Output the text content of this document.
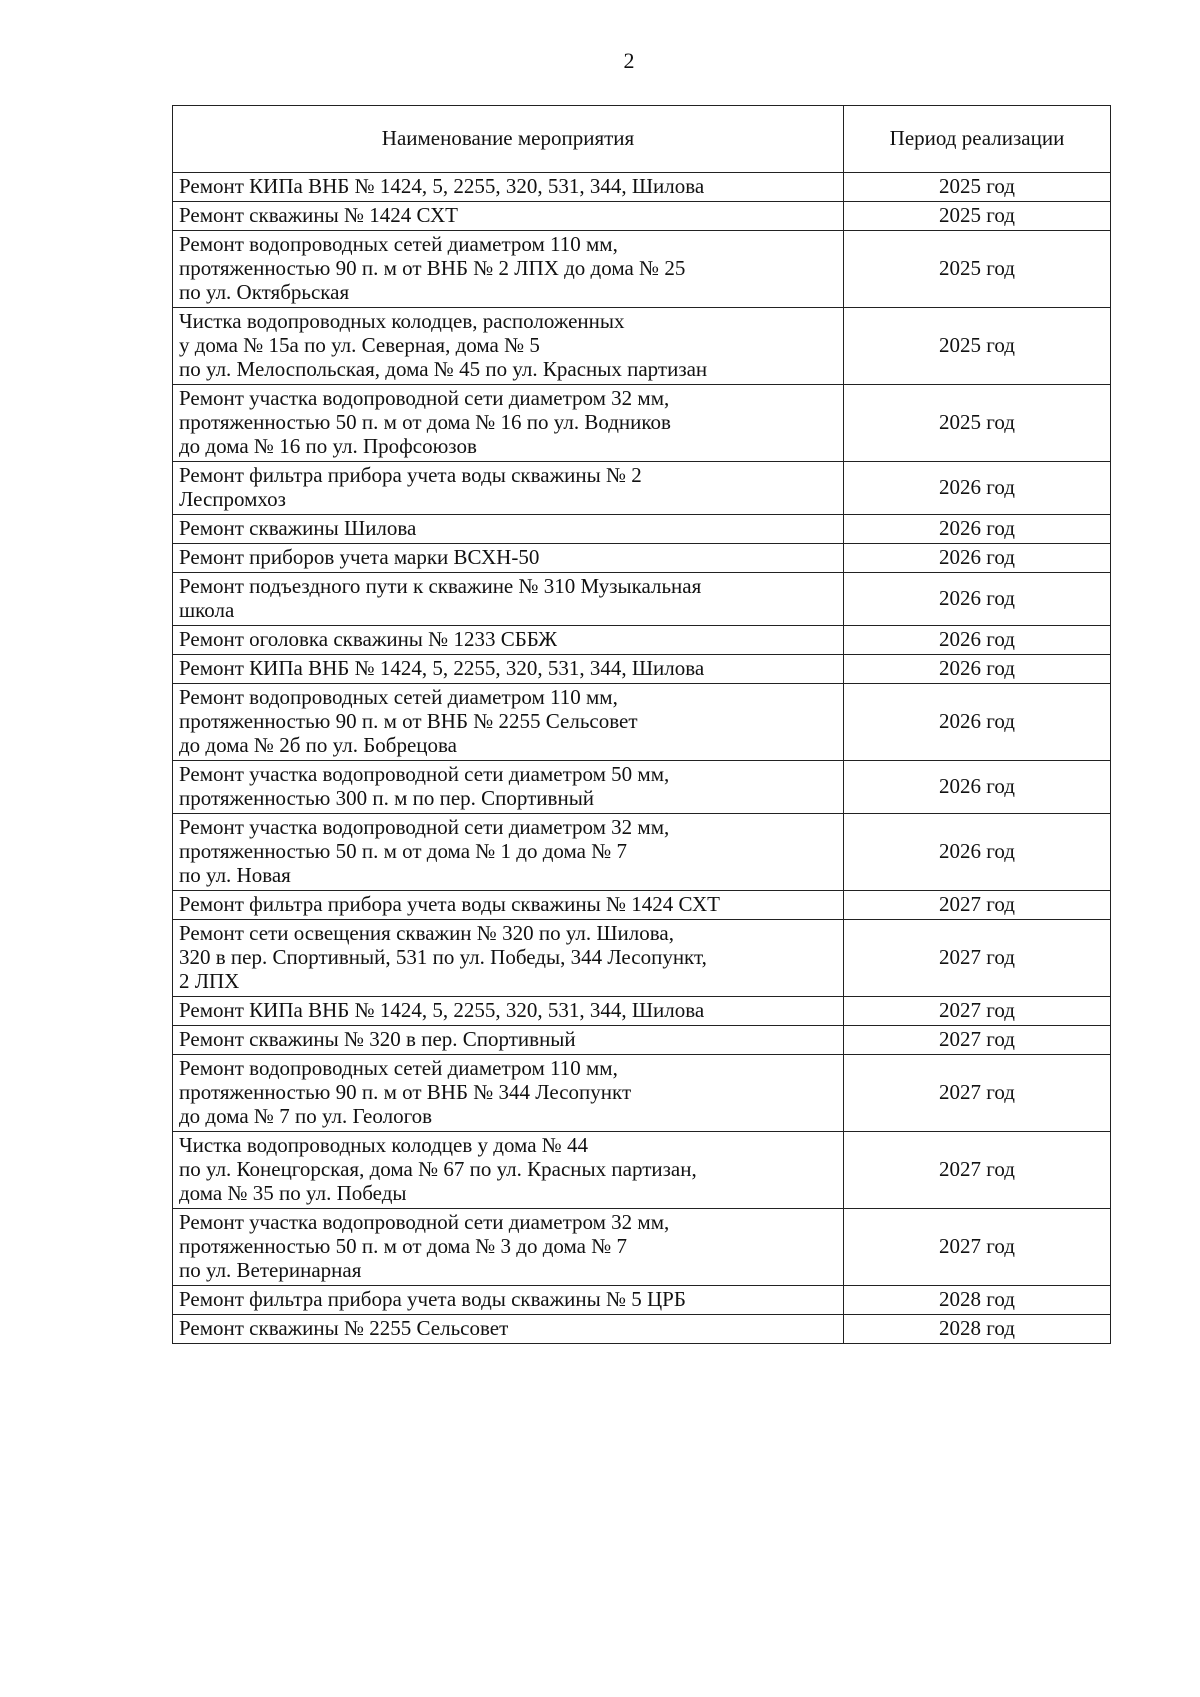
2
Наименование мероприятия	Период реализации
Ремонт КИПа ВНБ № 1424, 5, 2255, 320, 531, 344, Шилова	2025 год
Ремонт скважины № 1424 СХТ	2025 год
Ремонт водопроводных сетей диаметром 110 мм,
протяженностью 90 п. м от ВНБ № 2 ЛПХ до дома № 25
по ул. Октябрьская	2025 год
Чистка водопроводных колодцев, расположенных
у дома № 15а по ул. Северная, дома № 5
по ул. Мелоспольская, дома № 45 по ул. Красных партизан	2025 год
Ремонт участка водопроводной сети диаметром 32 мм,
протяженностью 50 п. м от дома № 16 по ул. Водников
до дома № 16 по ул. Профсоюзов	2025 год
Ремонт фильтра прибора учета воды скважины № 2
Леспромхоз	2026 год
Ремонт скважины Шилова	2026 год
Ремонт приборов учета марки ВСХН-50	2026 год
Ремонт подъездного пути к скважине № 310 Музыкальная
школа	2026 год
Ремонт оголовка скважины № 1233 СББЖ	2026 год
Ремонт КИПа ВНБ № 1424, 5, 2255, 320, 531, 344, Шилова	2026 год
Ремонт водопроводных сетей диаметром 110 мм,
протяженностью 90 п. м от ВНБ № 2255 Сельсовет
до дома № 2б по ул. Бобрецова	2026 год
Ремонт участка водопроводной сети диаметром 50 мм,
протяженностью 300 п. м по пер. Спортивный	2026 год
Ремонт участка водопроводной сети диаметром 32 мм,
протяженностью 50 п. м от дома № 1 до дома № 7
по ул. Новая	2026 год
Ремонт фильтра прибора учета воды скважины № 1424 СХТ	2027 год
Ремонт сети освещения скважин № 320 по ул. Шилова,
320 в пер. Спортивный, 531 по ул. Победы, 344 Лесопункт,
2 ЛПХ	2027 год
Ремонт КИПа ВНБ № 1424, 5, 2255, 320, 531, 344, Шилова	2027 год
Ремонт скважины № 320 в пер. Спортивный	2027 год
Ремонт водопроводных сетей диаметром 110 мм,
протяженностью 90 п. м от ВНБ № 344 Лесопункт
до дома № 7 по ул. Геологов	2027 год
Чистка водопроводных колодцев у дома № 44
по ул. Конецгорская, дома № 67 по ул. Красных партизан,
дома № 35 по ул. Победы	2027 год
Ремонт участка водопроводной сети диаметром 32 мм,
протяженностью 50 п. м от дома № 3 до дома № 7
по ул. Ветеринарная	2027 год
Ремонт фильтра прибора учета воды скважины № 5 ЦРБ	2028 год
Ремонт скважины № 2255 Сельсовет	2028 год
